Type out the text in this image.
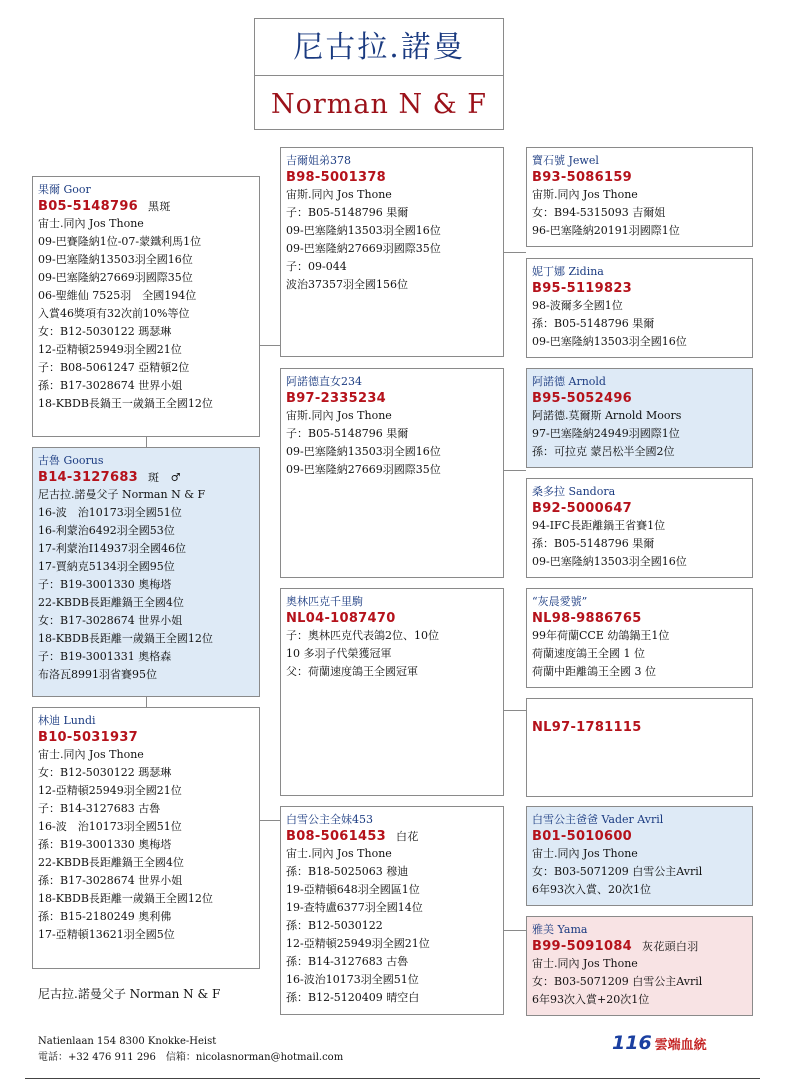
尼古拉.諾曼
Norman N & F
果爾 Goor
B05-5148796 黑斑
宙士.同內 Jos Thone
09-巴賽隆納1位-07-蒙鐵利馬1位
09-巴塞隆納13503羽全國16位
09-巴塞隆納27669羽國際35位
06-聖維仙 7525羽　全國194位
入賞46獎項有32次前10%等位
女：B12-5030122 瑪瑟琳
12-亞精頓25949羽全國21位
子：B08-5061247 亞精頓2位
孫：B17-3028674 世界小姐
18-KBDB長鍋王一歲鍋王全國12位
古魯 Goorus
B14-3127683 斑　♂
尼古拉.諾曼父子 Norman N & F
16-波　治10173羽全國51位
16-利蒙治6492羽全國53位
17-利蒙治I14937羽全國46位
17-賈納克5134羽全國95位
子：B19-3001330 奧梅塔
22-KBDB長距離鍋王全國4位
女：B17-3028674 世界小姐
18-KBDB長距離一歲鍋王全國12位
子：B19-3001331 奧格森
布洛瓦8991羽省賽95位
林迪 Lundi
B10-5031937
宙士.同內 Jos Thone
女：B12-5030122 瑪瑟琳
12-亞精頓25949羽全國21位
子：B14-3127683 古魯
16-波　治10173羽全國51位
孫：B19-3001330 奧梅塔
22-KBDB長距離鍋王全國4位
孫：B17-3028674 世界小姐
18-KBDB長距離一歲鍋王全國12位
孫：B15-2180249 奧利佛
17-亞精頓13621羽全國5位
吉爾姐弟378
B98-5001378
宙斯.同內 Jos Thone
子：B05-5148796 果爾
09-巴塞隆納13503羽全國16位
09-巴塞隆納27669羽國際35位
子：09-044
波治37357羽全國156位
阿諾德直女234
B97-2335234
宙斯.同內 Jos Thone
子：B05-5148796 果爾
09-巴塞隆納13503羽全國16位
09-巴塞隆納27669羽國際35位
奧林匹克千里駒
NL04-1087470
子：奧林匹克代表鴿2位、10位
10 多羽子代榮獲冠軍
父：荷蘭速度鴿王全國冠軍
白雪公主全妹453
B08-5061453 白花
宙士.同內 Jos Thone
孫：B18-5025063 穆迪
19-亞精頓648羽全國區1位
19-查特盧6377羽全國14位
孫：B12-5030122
12-亞精頓25949羽全國21位
孫：B14-3127683 古魯
16-波治10173羽全國51位
孫：B12-5120409 晴空白
寶石號 Jewel
B93-5086159
宙斯.同內 Jos Thone
女：B94-5315093 吉爾姐
96-巴塞隆納20191羽國際1位
妮丁娜 Zidina
B95-5119823
98-波爾多全國1位
孫：B05-5148796 果爾
09-巴塞隆納13503羽全國16位
阿諾德 Arnold
B95-5052496
阿諾德.莫爾斯 Arnold Moors
97-巴塞隆納24949羽國際1位
孫：可拉克 蒙呂松半全國2位
桑多拉 Sandora
B92-5000647
94-IFC長距離鍋王省賽1位
孫：B05-5148796 果爾
09-巴塞隆納13503羽全國16位
“灰晨愛號”
NL98-9886765
99年荷蘭CCE 幼鴿鍋王1位
荷蘭速度鴿王全國 1 位
荷蘭中距離鴿王全國 3 位
NL97-1781115
白雪公主爸爸 Vader Avril
B01-5010600
宙士.同內 Jos Thone
女：B03-5071209 白雪公主Avril
6年93次入賞、20次1位
雅美 Yama
B99-5091084 灰花頭白羽
宙士.同內 Jos Thone
女：B03-5071209 白雪公主Avril
6年93次入賞+20次1位
尼古拉.諾曼父子 Norman N & F
Natienlaan 154 8300 Knokke-Heist
電話：+32 476 911 296　信箱：nicolasnorman@hotmail.com
116 雲端血統
